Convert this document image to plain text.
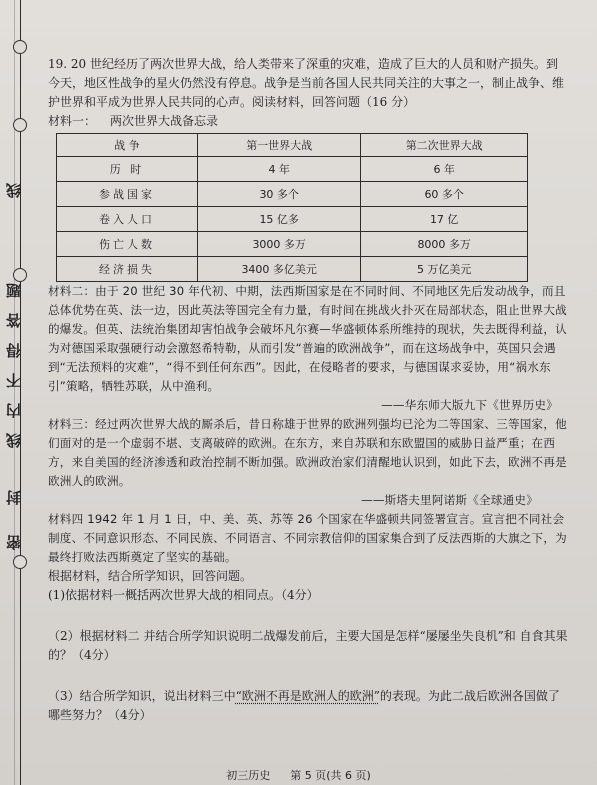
线
题
答
得
不
内
线
封
密

19. 20 世纪经历了两次世界大战，给人类带来了深重的灾难，造成了巨大的人员和财产损失。到今天，地区性战争的星火仍然没有停息。战争是当前各国人民共同关注的大事之一，制止战争、维护世界和平成为世界人民共同的心声。阅读材料，回答问题（16 分）

材料一： 两次世界大战备忘录
战 争	第一世界大战	第二次世界大战
历 时	4 年	6 年
参战国家	30 多个	60 多个
卷入人口	15 亿多	17 亿
伤亡人数	3000 多万	8000 多万
经济损失	3400 多亿美元	5 万亿美元

材料二：由于 20 世纪 30 年代初、中期，法西斯国家是在不同时间、不同地区先后发动战争，而且总体优势在英、法一边，因此英法等国完全有力量，有时间在挑战火扑灭在局部状态，阻止世界大战的爆发。但英、法统治集团却害怕战争会破坏凡尔赛—华盛顿体系所维持的现状，失去既得利益，认为对德国采取强硬行动会激怒希特勒，从而引发“普遍的欧洲战争”，而在这场战争中，英国只会遇到“无法预料的灾难”，“得不到任何东西”。因此，在侵略者的要求，与德国谋求妥协，用“祸水东引”策略，牺牲苏联，从中渔利。

——华东师大版九下《世界历史》

材料三：经过两次世界大战的厮杀后，昔日称雄于世界的欧洲列强均已沦为二等国家、三等国家，他们面对的是一个虚弱不堪、支离破碎的欧洲。在东方，来自苏联和东欧盟国的威胁日益严重；在西方，来自美国的经济渗透和政治控制不断加强。欧洲政治家们清醒地认识到，如此下去，欧洲不再是欧洲人的欧洲。

——斯塔夫里阿诺斯《全球通史》

材料四 1942 年 1 月 1 日，中、美、英、苏等 26 个国家在华盛顿共同签署宣言。宣言把不同社会制度、不同意识形态、不同民族、不同语言、不同宗教信仰的国家集合到了反法西斯的大旗之下，为最终打败法西斯奠定了坚实的基础。

根据材料，结合所学知识，回答问题。

(1)依据材料一概括两次世界大战的相同点。（4分）

（2）根据材料二 并结合所学知识说明二战爆发前后，主要大国是怎样“屡屡坐失良机”和 自食其果的？（4分）

（3）结合所学知识，说出材料三中“欧洲不再是欧洲人的欧洲”的表现。为此二战后欧洲各国做了哪些努力？（4分）

初三历史 第 5 页(共 6 页)
